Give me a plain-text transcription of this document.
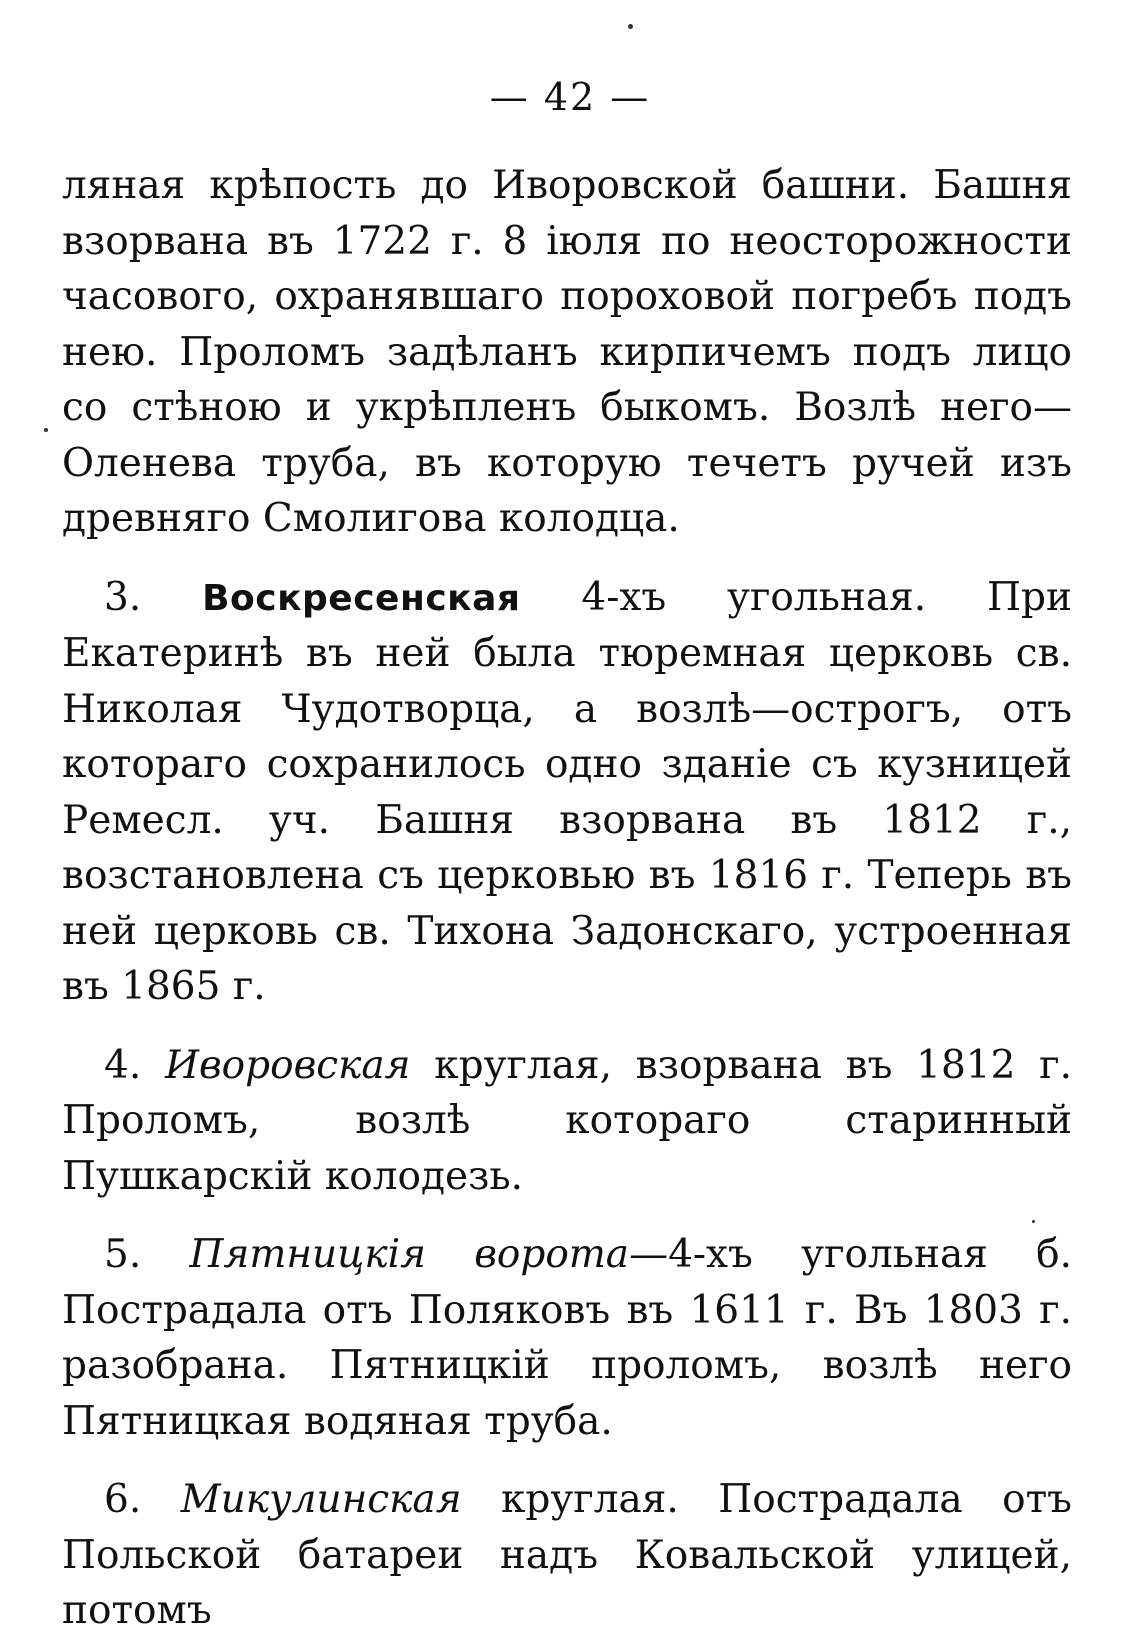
— 42 —

ляная крѣпость до Иворовской башни. Башня взорвана въ 1722 г. 8 іюля по неосторожности часового, охранявшаго пороховой погребъ подъ нею. Проломъ задѣланъ кирпичемъ подъ лицо со стѣною и укрѣпленъ быкомъ. Возлѣ него— Оленева труба, въ которую течетъ ручей изъ древняго Смолигова колодца.

3. Воскресенская 4-хъ угольная. При Екатеринѣ въ ней была тюремная церковь св. Николая Чудотворца, а возлѣ—острогъ, отъ котораго сохранилось одно зданіе съ кузницей Ремесл. уч. Башня взорвана въ 1812 г., возстановлена съ церковью въ 1816 г. Теперь въ ней церковь св. Тихона Задонскаго, устроенная въ 1865 г.

4. Иворовская круглая, взорвана въ 1812 г. Проломъ, возлѣ котораго старинный Пушкарскій колодезь.

5. Пятницкія ворота—4-хъ угольная б. Пострадала отъ Поляковъ въ 1611 г. Въ 1803 г. разобрана. Пятницкій проломъ, возлѣ него Пятницкая водяная труба.

6. Микулинская круглая. Пострадала отъ Польской батареи надъ Ковальской улицей, потомъ
